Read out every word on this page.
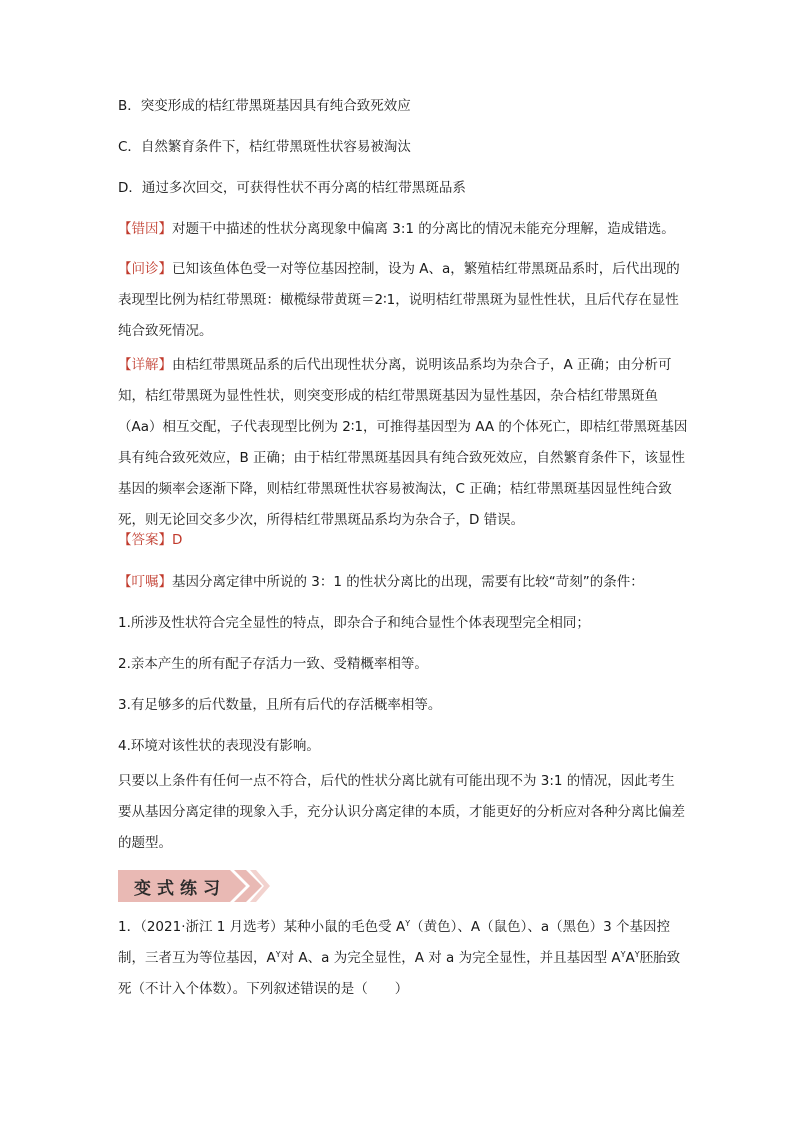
B．突变形成的桔红带黑斑基因具有纯合致死效应
C．自然繁育条件下，桔红带黑斑性状容易被淘汰
D．通过多次回交，可获得性状不再分离的桔红带黑斑品系
【错因】对题干中描述的性状分离现象中偏离 3:1 的分离比的情况未能充分理解，造成错选。
【问诊】已知该鱼体色受一对等位基因控制，设为 A、a，繁殖桔红带黑斑品系时，后代出现的表现型比例为桔红带黑斑：橄榄绿带黄斑＝2∶1，说明桔红带黑斑为显性性状，且后代存在显性纯合致死情况。
【详解】由桔红带黑斑品系的后代出现性状分离，说明该品系均为杂合子，A 正确；由分析可知，桔红带黑斑为显性性状，则突变形成的桔红带黑斑基因为显性基因，杂合桔红带黑斑鱼（Aa）相互交配，子代表现型比例为 2∶1，可推得基因型为 AA 的个体死亡，即桔红带黑斑基因具有纯合致死效应，B 正确；由于桔红带黑斑基因具有纯合致死效应，自然繁育条件下，该显性基因的频率会逐渐下降，则桔红带黑斑性状容易被淘汰，C 正确；桔红带黑斑基因显性纯合致死，则无论回交多少次，所得桔红带黑斑品系均为杂合子，D 错误。
【答案】D
【叮嘱】基因分离定律中所说的 3：1 的性状分离比的出现，需要有比较“苛刻”的条件：
1.所涉及性状符合完全显性的特点，即杂合子和纯合显性个体表现型完全相同；
2.亲本产生的所有配子存活力一致、受精概率相等。
3.有足够多的后代数量，且所有后代的存活概率相等。
4.环境对该性状的表现没有影响。
只要以上条件有任何一点不符合，后代的性状分离比就有可能出现不为 3:1 的情况，因此考生要从基因分离定律的现象入手，充分认识分离定律的本质，才能更好的分析应对各种分离比偏差的题型。
变式练习
1．（2021·浙江 1 月选考）某种小鼠的毛色受 $A^Y$（黄色）、A（鼠色）、a（黑色）3 个基因控制，三者互为等位基因，$A^Y$对 A、a 为完全显性，A 对 a 为完全显性，并且基因型 $A^YA^Y$胚胎致死（不计入个体数）。下列叙述错误的是（　　）
